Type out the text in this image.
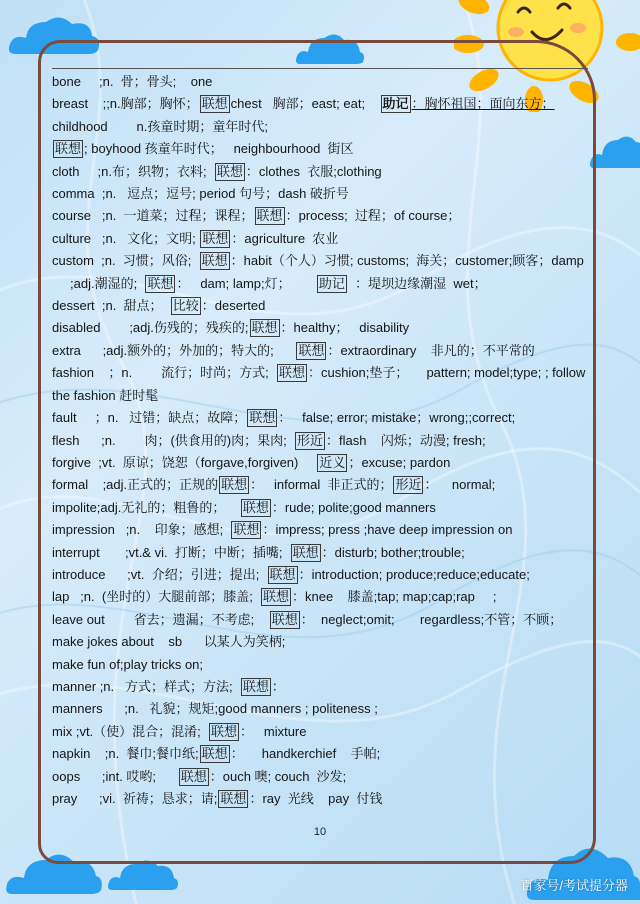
bone     ;n.  骨；骨头;    one
breast    ;;n.胸部；胸怀； 联想 chest   胸部；east; eat;    助记 ：胸怀祖国；面向东方；
childhood        n.孩童时期；童年时代;
联想 ; boyhood 孩童年时代；   neighbourhood  街区
cloth     ;n.布；织物；衣料;  联想 ：clothes  衣服;clothing
comma  ;n.   逗点；逗号; period 句号；dash 破折号
course   ;n.  一道菜；过程；课程； 联想 ：process;  过程；of course；
culture   ;n.   文化；文明; 联想 ：agriculture  农业
custom  ;n.  习惯；风俗;  联想 ：habit（个人）习惯; customs;  海关；customer;顾客；damp
;adj.潮湿的;  联想 ：   dam; lamp;灯；       助记  ：堤坝边缘潮湿  wet；
dessert  ;n.  甜点；  比较 ：deserted
disabled        ;adj.伤残的；残疾的; 联想 ：healthy；   disability
extra      ;adj.额外的；外加的；特大的;      联想 ：extraordinary    非凡的；不平常的
fashion    ；n.        流行；时尚；方式;  联想 ：cushion;垫子；     pattern; model;type; ; follow
the fashion 赶时髦
fault     ；n.   过错；缺点；故障； 联想 ：   false; error; mistake；wrong;;correct;
flesh      ;n.        肉；(供食用的)肉；果肉;  形近 ：flash    闪烁；动漫; fresh;
forgive  ;vt.  原谅；饶恕（forgave,forgiven)     近义 ；excuse; pardon
formal    ;adj.正式的；正规的 联想 ：   informal  非正式的； 形近 ：    normal;
impolite;adj.无礼的；粗鲁的；    联想 ：rude; polite;good manners
impression   ;n.    印象；感想;  联想 ：impress; press ;have deep impression on
interrupt       ;vt.& vi.  打断；中断；插嘴;  联想 ：disturb; bother;trouble;
introduce      ;vt.  介绍；引进；提出;  联想 ：introduction; produce;reduce;educate;
lap   ;n.  (坐时的）大腿前部；膝盖;  联想 ：knee    膝盖;tap; map;cap;rap     ;
leave out        省去；遗漏；不考虑;    联想 ：  neglect;omit;       regardless;不管；不顾；
make jokes about    sb      以某人为笑柄;
make fun of;play tricks on;
manner ;n.   方式；样式；方法;  联想 ：
manners      ;n.   礼貌；规矩;good manners ; politeness ;
mix ;vt.（使）混合；混淆;  联想 ：   mixture
napkin    ;n.  餐巾;餐巾纸; 联想 ：     handkerchief    手帕;
oops      ;int. 哎哟;      联想 ：ouch 噢; couch  沙发;
pray      ;vi.  祈祷；恳求；请; 联想 ：ray  光线    pay  付钱
10
百家号/考试提分器
